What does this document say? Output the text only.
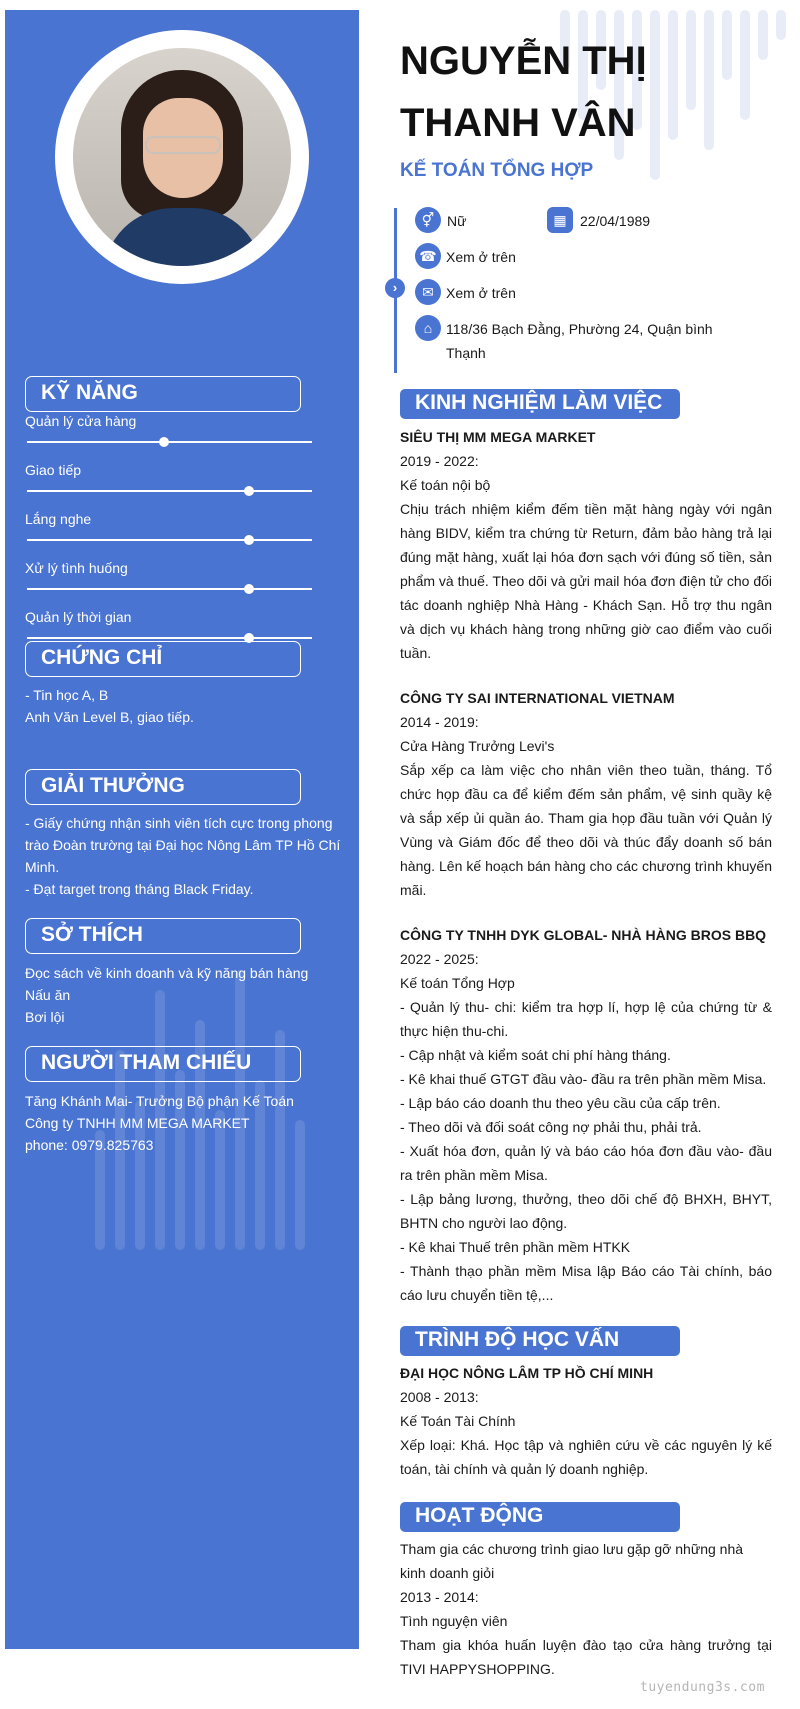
KỸ NĂNG
Quản lý cửa hàng
Giao tiếp
Lắng nghe
Xử lý tình huống
Quản lý thời gian
CHỨNG CHỈ
- Tin học A, B
Anh Văn Level B, giao tiếp.
GIẢI THƯỞNG
- Giấy chứng nhận sinh viên tích cực trong phong
trào Đoàn trường tại Đại học Nông Lâm TP Hồ Chí
Minh.
- Đạt target trong tháng Black Friday.
SỞ THÍCH
Đọc sách về kinh doanh và kỹ năng bán hàng
Nấu ăn
Bơi lội
NGƯỜI THAM CHIẾU
Tăng Khánh Mai- Trưởng Bộ phận Kế Toán
Công ty TNHH MM MEGA MARKET
phone: 0979.825763
NGUYỄN THỊ
THANH VÂN
KẾ TOÁN TỔNG HỢP
›
⚥ Nữ	▦ 22/04/1989
☎ Xem ở trên
✉ Xem ở trên
⌂ 118/36 Bạch Đằng, Phường 24, Quận bình
Thạnh
KINH NGHIỆM LÀM VIỆC
SIÊU THỊ MM MEGA MARKET
2019 - 2022:
Kế toán nội bộ
Chịu trách nhiệm kiểm đếm tiền mặt hàng ngày với ngân hàng BIDV, kiểm tra chứng từ Return, đảm bảo hàng trả lại đúng mặt hàng, xuất lại hóa đơn sạch với đúng số tiền, sản phẩm và thuế. Theo dõi và gửi mail hóa đơn điện tử cho đối tác doanh nghiệp Nhà Hàng - Khách Sạn. Hỗ trợ thu ngân và dịch vụ khách hàng trong những giờ cao điểm vào cuối tuần.
CÔNG TY SAI INTERNATIONAL VIETNAM
2014 - 2019:
Cửa Hàng Trưởng Levi's
Sắp xếp ca làm việc cho nhân viên theo tuần, tháng. Tổ chức họp đầu ca để kiểm đếm sản phẩm, vệ sinh quầy kệ và sắp xếp ủi quần áo. Tham gia họp đầu tuần với Quản lý Vùng và Giám đốc để theo dõi và thúc đẩy doanh số bán hàng. Lên kế hoạch bán hàng cho các chương trình khuyến mãi.
CÔNG TY TNHH DYK GLOBAL- NHÀ HÀNG BROS BBQ
2022 - 2025:
Kế toán Tổng Hợp
- Quản lý thu- chi: kiểm tra hợp lí, hợp lệ của chứng từ & thực hiện thu-chi.
- Cập nhật và kiểm soát chi phí hàng tháng.
- Kê khai thuế GTGT đầu vào- đầu ra trên phần mềm Misa.
- Lập báo cáo doanh thu theo yêu cầu của cấp trên.
- Theo dõi và đối soát công nợ phải thu, phải trả.
- Xuất hóa đơn, quản lý và báo cáo hóa đơn đầu vào- đầu ra trên phần mềm Misa.
- Lập bảng lương, thưởng, theo dõi chế độ BHXH, BHYT, BHTN cho người lao động.
- Kê khai Thuế trên phần mềm HTKK
- Thành thạo phần mềm Misa lập Báo cáo Tài chính, báo cáo lưu chuyển tiền tệ,...
TRÌNH ĐỘ HỌC VẤN
ĐẠI HỌC NÔNG LÂM TP HỒ CHÍ MINH
2008 - 2013:
Kế Toán Tài Chính
Xếp loại: Khá. Học tập và nghiên cứu về các nguyên lý kế toán, tài chính và quản lý doanh nghiệp.
HOẠT ĐỘNG
Tham gia các chương trình giao lưu gặp gỡ những nhà kinh doanh giỏi
2013 - 2014:
Tình nguyện viên
Tham gia khóa huấn luyện đào tạo cửa hàng trưởng tại TIVI HAPPYSHOPPING.
tuyendung3s.com
